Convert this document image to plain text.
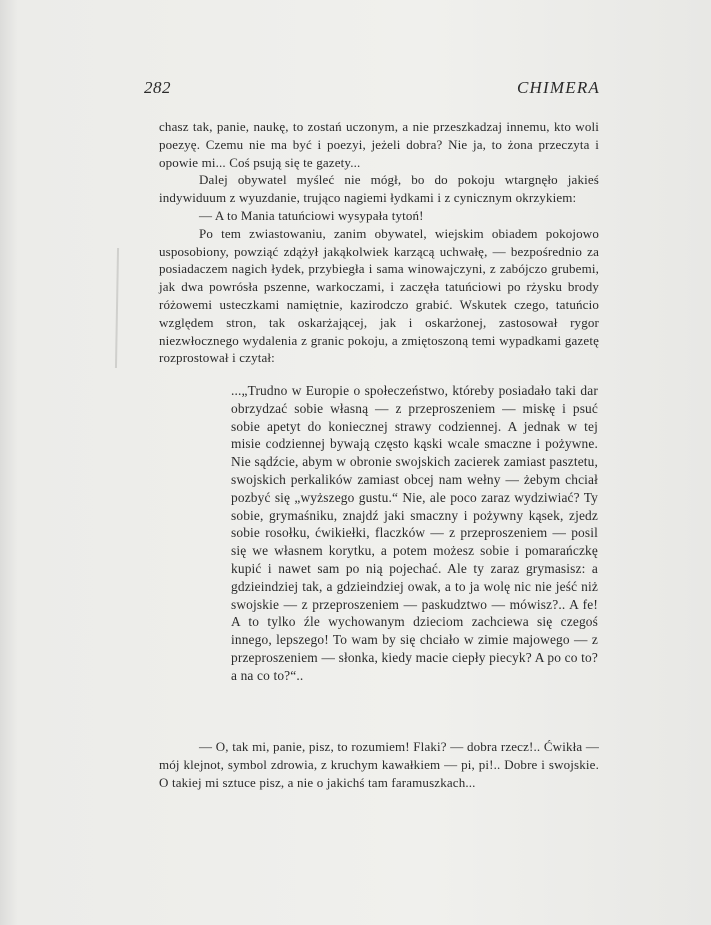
282	CHIMERA

chasz tak, panie, naukę, to zostań uczonym, a nie przeszkadzaj innemu, kto woli poezyę. Czemu nie ma być i poezyi, jeżeli dobra? Nie ja, to żona przeczyta i opowie mi... Coś psują się te gazety...

Dalej obywatel myśleć nie mógł, bo do pokoju wtargnęło jakieś indywiduum z wyuzdanie, trująco nagiemi łydkami i z cynicznym okrzykiem:

— A to Mania tatuńciowi wysypała tytoń!

Po tem zwiastowaniu, zanim obywatel, wiejskim obiadem pokojowo usposobiony, powziąć zdążył jakąkolwiek karzącą uchwałę, — bezpośrednio za posiadaczem nagich łydek, przybiegła i sama winowajczyni, z zabójczo grubemi, jak dwa powrósła pszenne, warkoczami, i zaczęła tatuńciowi po rżysku brody różowemi usteczkami namiętnie, kazirodczo grabić. Wskutek czego, tatuńcio względem stron, tak oskarżającej, jak i oskarżonej, zastosował rygor niezwłocznego wydalenia z granic pokoju, a zmiętoszoną temi wypadkami gazetę rozprostował i czytał:

...„Trudno w Europie o społeczeństwo, któreby posiadało taki dar obrzydzać sobie własną — z przeproszeniem — miskę i psuć sobie apetyt do koniecznej strawy codziennej. A jednak w tej misie codziennej bywają często kąski wcale smaczne i pożywne. Nie sądźcie, abym w obronie swojskich zacierek zamiast pasztetu, swojskich perkalików zamiast obcej nam wełny — żebym chciał pozbyć się „wyższego gustu.“ Nie, ale poco zaraz wydziwiać? Ty sobie, grymaśniku, znajdź jaki smaczny i pożywny kąsek, zjedz sobie rosołku, ćwikiełki, flaczków — z przeproszeniem — posil się we własnem korytku, a potem możesz sobie i pomarańczkę kupić i nawet sam po nią pojechać. Ale ty zaraz grymasisz: a gdzieindziej tak, a gdzieindziej owak, a to ja wolę nic nie jeść niż swojskie — z przeproszeniem — paskudztwo — mówisz?.. A fe! A to tylko źle wychowanym dzieciom zachciewa się czegoś innego, lepszego! To wam by się chciało w zimie majowego — z przeproszeniem — słonka, kiedy macie ciepły piecyk? A po co to? a na co to?“..

— O, tak mi, panie, pisz, to rozumiem! Flaki? — dobra rzecz!.. Ćwikła — mój klejnot, symbol zdrowia, z kruchym kawałkiem — pi, pi!.. Dobre i swojskie. O takiej mi sztuce pisz, a nie o jakichś tam faramuszkach...
